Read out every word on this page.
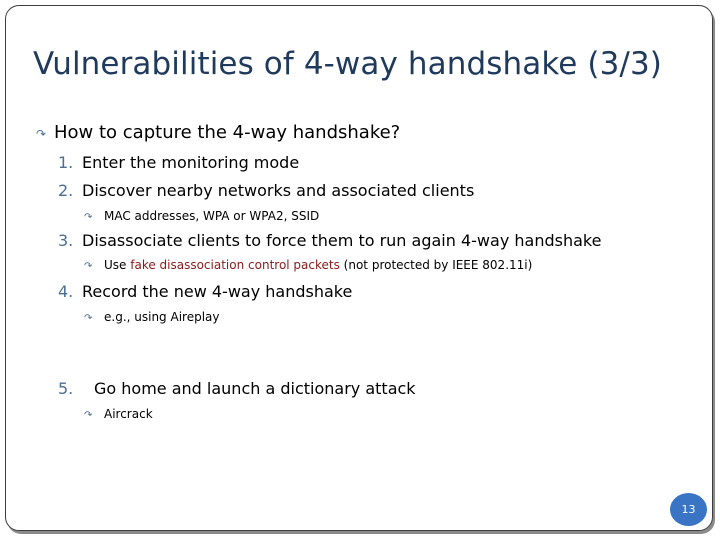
Vulnerabilities of 4-way handshake (3/3)
↷ How to capture the 4-way handshake?
1. Enter the monitoring mode
2. Discover nearby networks and associated clients
↷ MAC addresses, WPA or WPA2, SSID
3. Disassociate clients to force them to run again 4-way handshake
↷ Use fake disassociation control packets (not protected by IEEE 802.11i)
4. Record the new 4-way handshake
↷ e.g., using Aireplay
5.	Go home and launch a dictionary attack
↷ Aircrack
13
